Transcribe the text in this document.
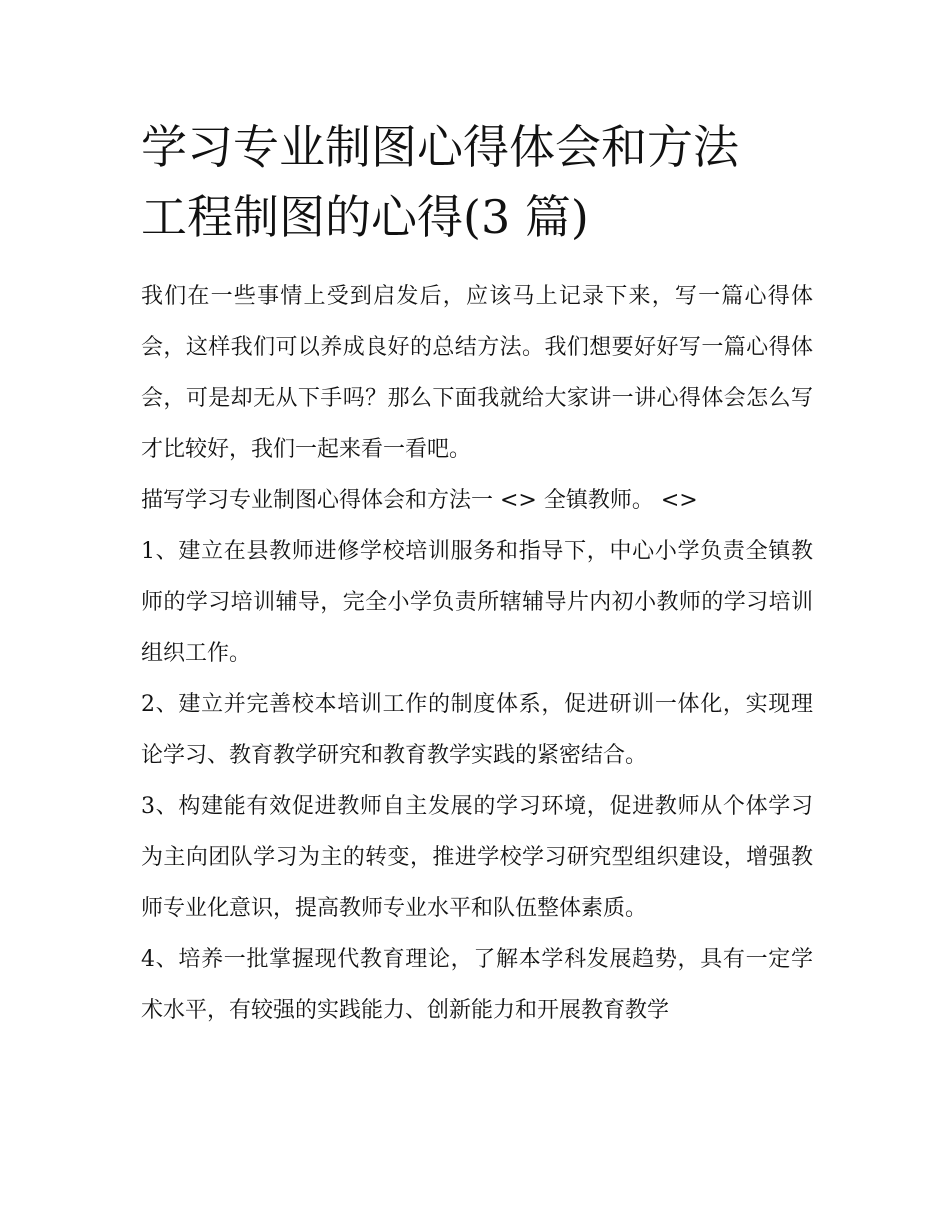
学习专业制图心得体会和方法
工程制图的心得(3 篇)

我们在一些事情上受到启发后，应该马上记录下来，写一篇心得体会，这样我们可以养成良好的总结方法。我们想要好好写一篇心得体会，可是却无从下手吗？那么下面我就给大家讲一讲心得体会怎么写才比较好，我们一起来看一看吧。

描写学习专业制图心得体会和方法一 <> 全镇教师。 <>

1、建立在县教师进修学校培训服务和指导下，中心小学负责全镇教师的学习培训辅导，完全小学负责所辖辅导片内初小教师的学习培训组织工作。

2、建立并完善校本培训工作的制度体系，促进研训一体化，实现理论学习、教育教学研究和教育教学实践的紧密结合。

3、构建能有效促进教师自主发展的学习环境，促进教师从个体学习为主向团队学习为主的转变，推进学校学习研究型组织建设，增强教师专业化意识，提高教师专业水平和队伍整体素质。

4、培养一批掌握现代教育理论，了解本学科发展趋势，具有一定学术水平，有较强的实践能力、创新能力和开展教育教学
